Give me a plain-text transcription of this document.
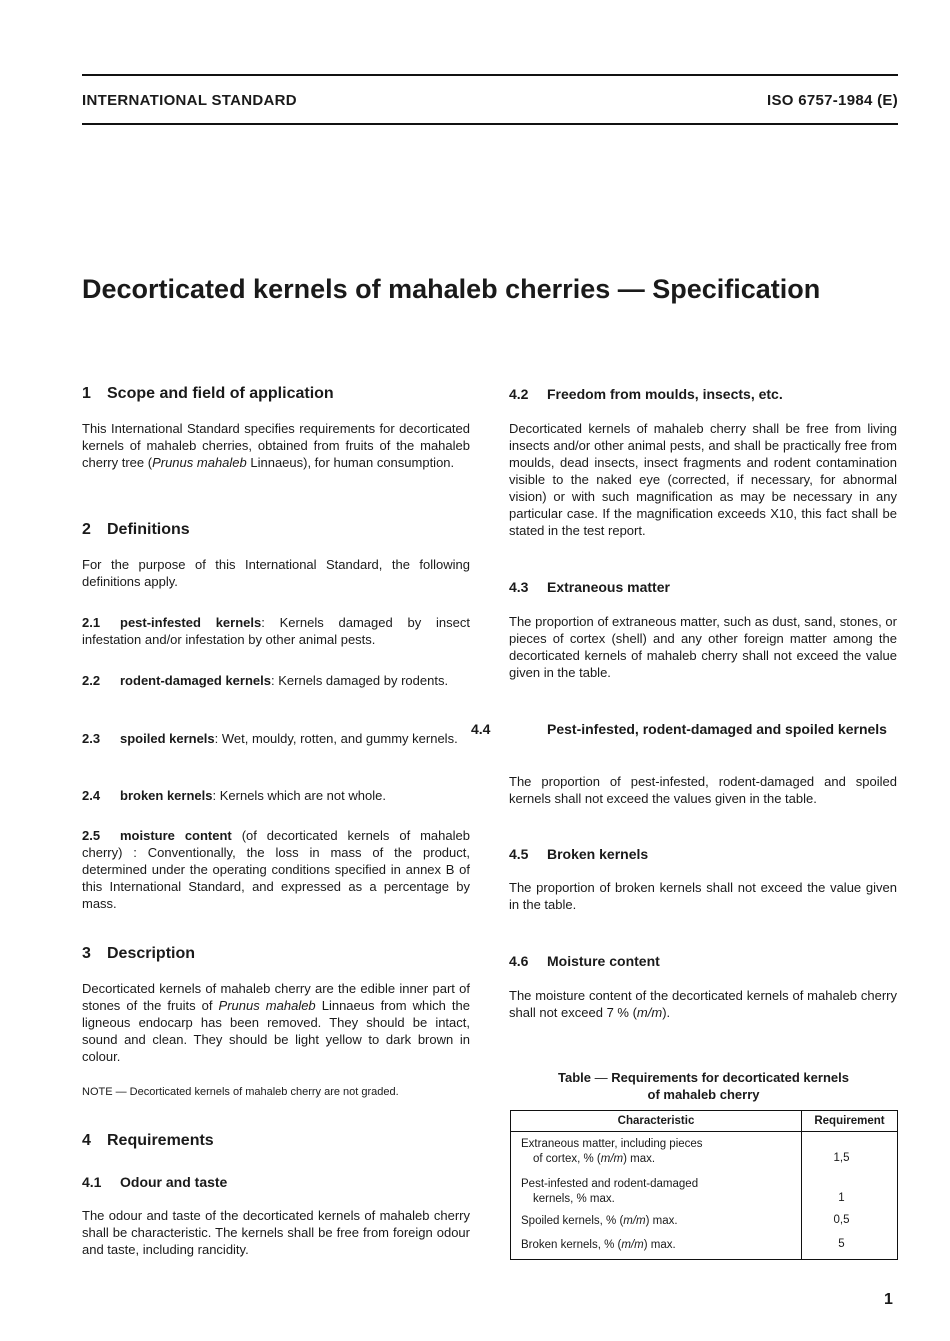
INTERNATIONAL STANDARD	ISO 6757-1984 (E)
Decorticated kernels of mahaleb cherries — Specification
1 Scope and field of application

This International Standard specifies requirements for decorticated kernels of mahaleb cherries, obtained from fruits of the mahaleb cherry tree (Prunus mahaleb Linnaeus), for human consumption.

2 Definitions

For the purpose of this International Standard, the following definitions apply.

2.1 pest-infested kernels: Kernels damaged by insect infestation and/or infestation by other animal pests.

2.2 rodent-damaged kernels: Kernels damaged by rodents.

2.3 spoiled kernels: Wet, mouldy, rotten, and gummy kernels.

2.4 broken kernels: Kernels which are not whole.

2.5 moisture content (of decorticated kernels of mahaleb cherry) : Conventionally, the loss in mass of the product, determined under the operating conditions specified in annex B of this International Standard, and expressed as a percentage by mass.

3 Description

Decorticated kernels of mahaleb cherry are the edible inner part of stones of the fruits of Prunus mahaleb Linnaeus from which the ligneous endocarp has been removed. They should be intact, sound and clean. They should be light yellow to dark brown in colour.

NOTE — Decorticated kernels of mahaleb cherry are not graded.

4 Requirements
4.1 Odour and taste

The odour and taste of the decorticated kernels of mahaleb cherry shall be characteristic. The kernels shall be free from foreign odour and taste, including rancidity.

4.2 Freedom from moulds, insects, etc.

Decorticated kernels of mahaleb cherry shall be free from living insects and/or other animal pests, and shall be practically free from moulds, dead insects, insect fragments and rodent contamination visible to the naked eye (corrected, if necessary, for abnormal vision) or with such magnification as may be necessary in any particular case. If the magnification exceeds X10, this fact shall be stated in the test report.

4.3 Extraneous matter

The proportion of extraneous matter, such as dust, sand, stones, or pieces of cortex (shell) and any other foreign matter among the decorticated kernels of mahaleb cherry shall not exceed the value given in the table.

4.4	Pest-infested, rodent-damaged and spoiled kernels

The proportion of pest-infested, rodent-damaged and spoiled kernels shall not exceed the values given in the table.

4.5 Broken kernels

The proportion of broken kernels shall not exceed the value given in the table.

4.6 Moisture content

The moisture content of the decorticated kernels of mahaleb cherry shall not exceed 7 % (m/m).

Table — Requirements for decorticated kernels
of mahaleb cherry
Characteristic	Requirement

Extraneous matter, including pieces
of cortex, % (m/m) max.	1,5

Pest-infested and rodent-damaged
kernels, % max.	1
Spoiled kernels, % (m/m) max.	0,5
Broken kernels, % (m/m) max.	5
1
